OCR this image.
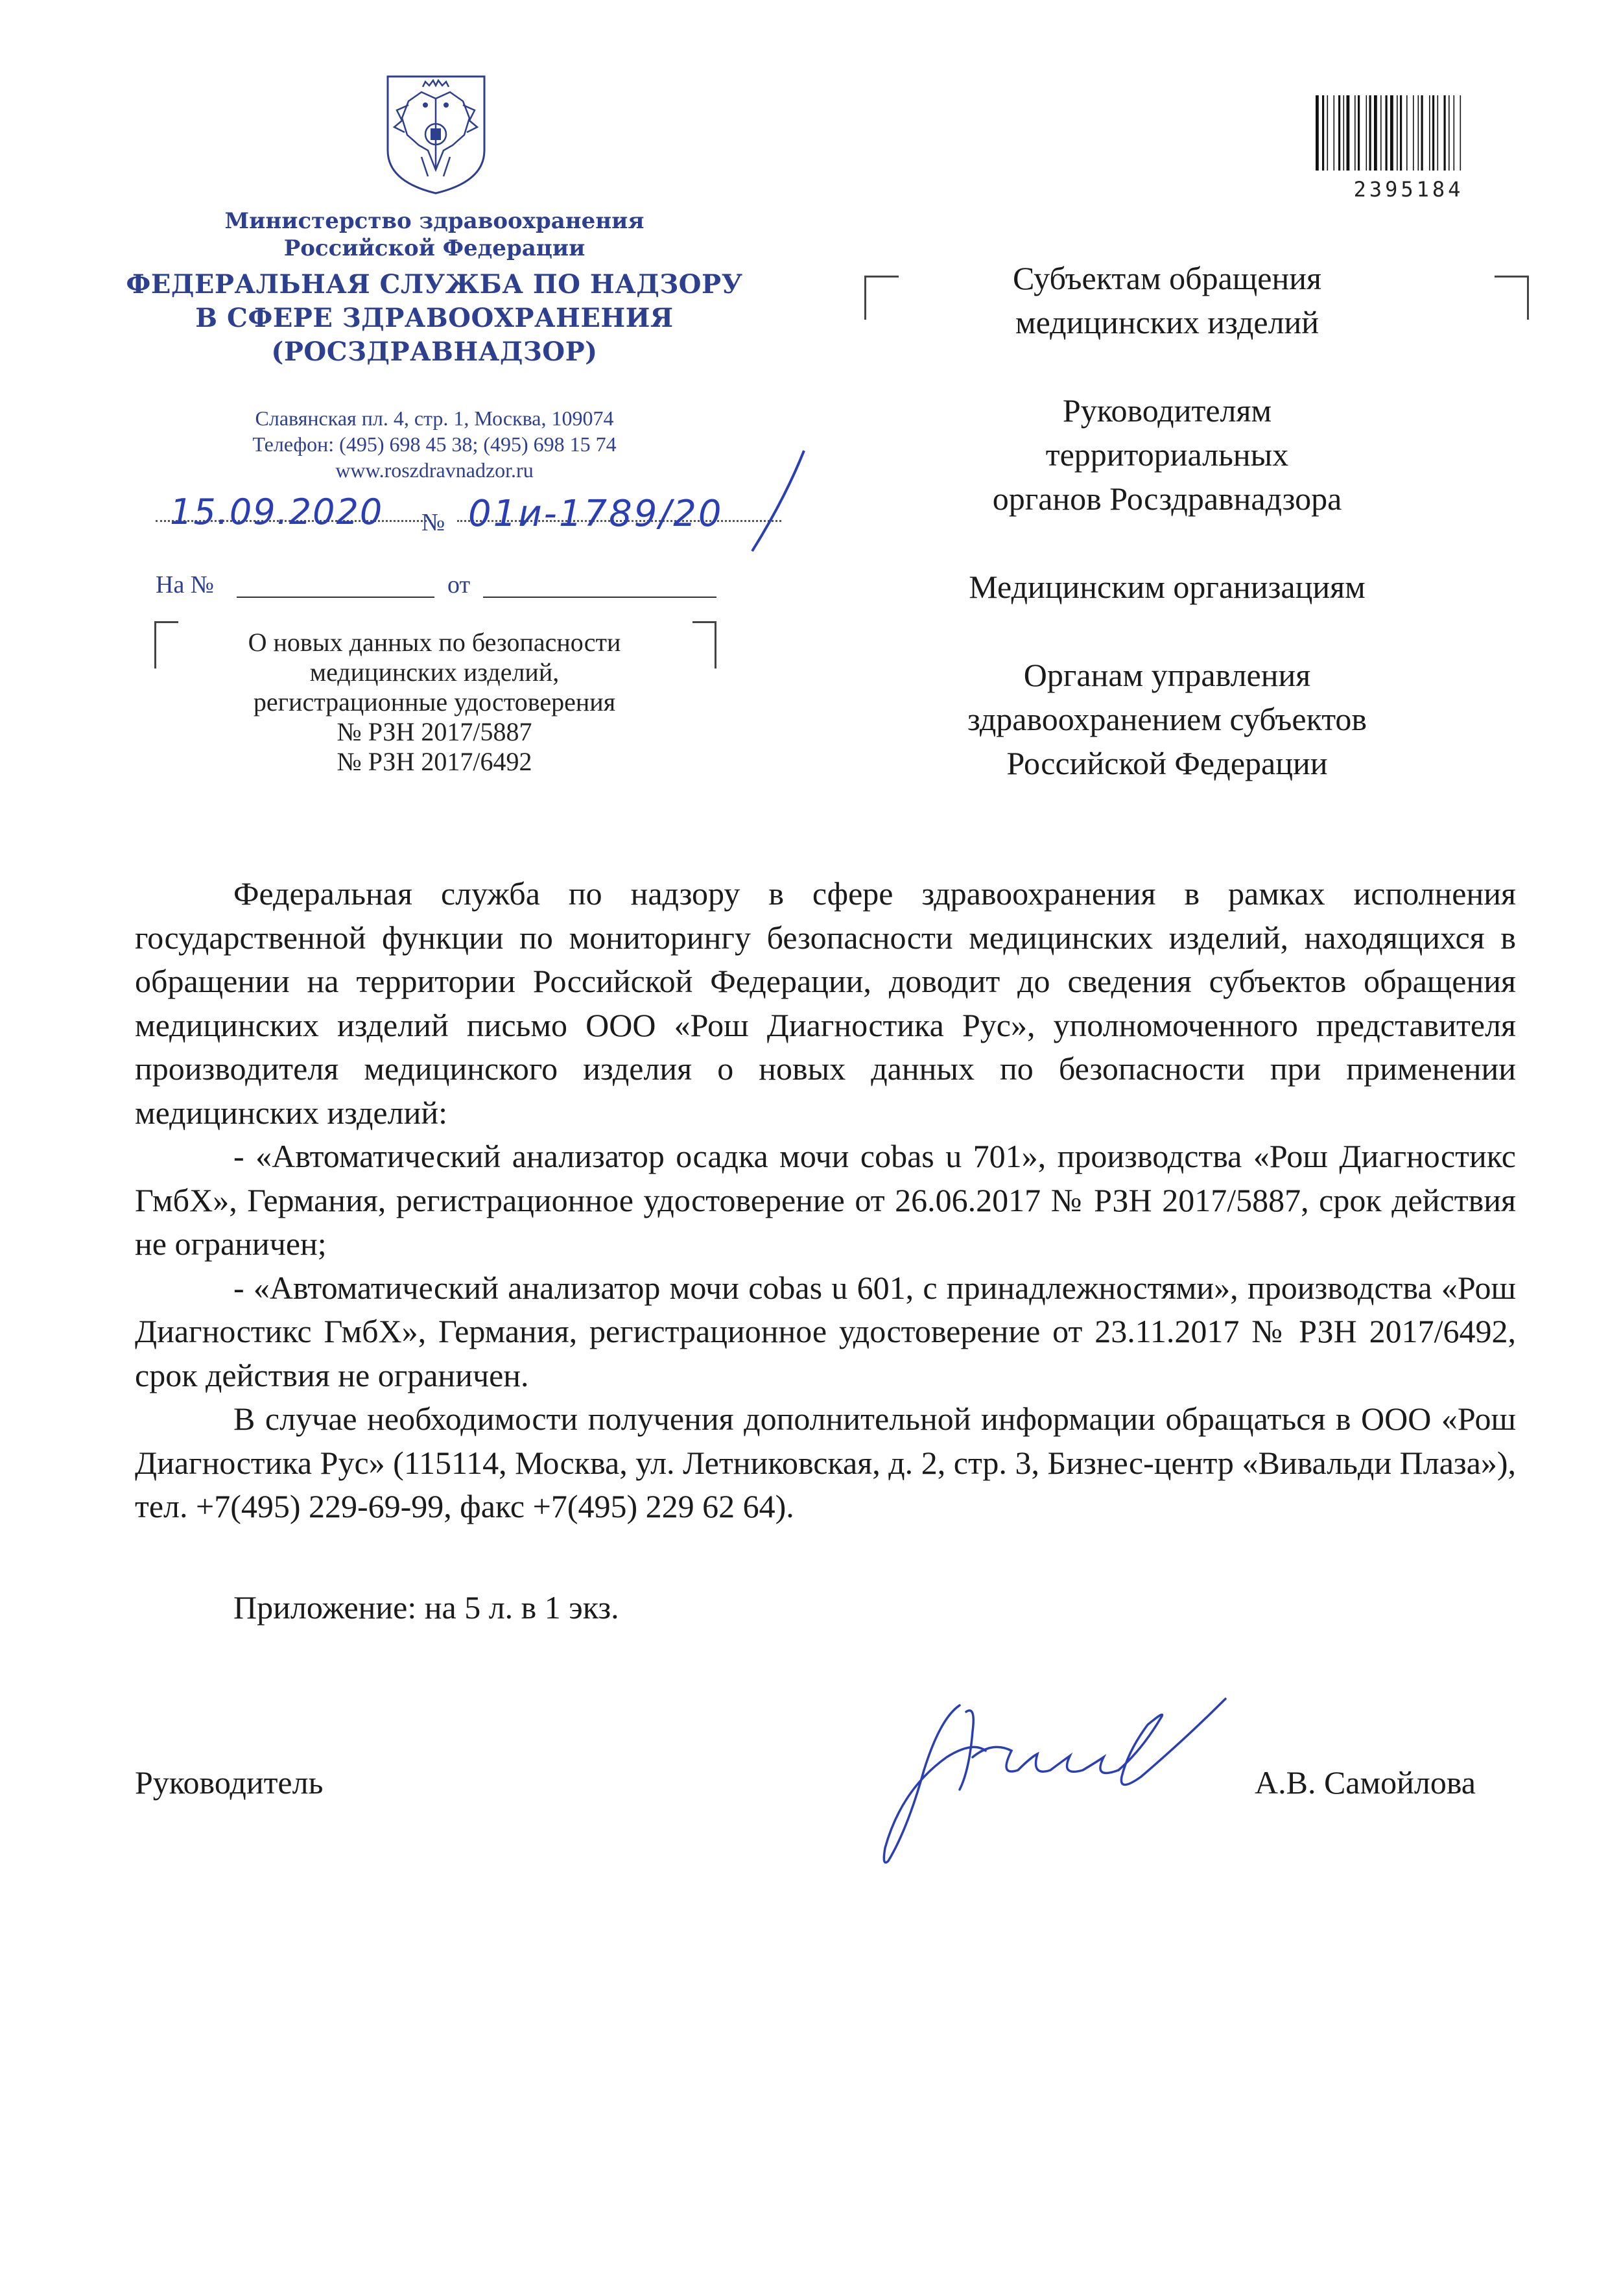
Министерство здравоохранения
Российской Федерации
ФЕДЕРАЛЬНАЯ СЛУЖБА ПО НАДЗОРУ
В СФЕРЕ ЗДРАВООХРАНЕНИЯ
(РОСЗДРАВНАДЗОР)
Славянская пл. 4, стр. 1, Москва, 109074
Телефон: (495) 698 45 38; (495) 698 15 74
www.roszdravnadzor.ru
15.09.2020 № 01и-1789/20
На №	от
О новых данных по безопасности
медицинских изделий,
регистрационные удостоверения
№ РЗН 2017/5887
№ РЗН 2017/6492
2395184
Субъектам обращения
медицинских изделий
Руководителям
территориальных
органов Росздравнадзора
Медицинским организациям
Органам управления
здравоохранением субъектов
Российской Федерации

Федеральная служба по надзору в сфере здравоохранения в рамках исполнения государственной функции по мониторингу безопасности медицинских изделий, находящихся в обращении на территории Российской Федерации, доводит до сведения субъектов обращения медицинских изделий письмо ООО «Рош Диагностика Рус», уполномоченного представителя производителя медицинского изделия о новых данных по безопасности при применении медицинских изделий:

- «Автоматический анализатор осадка мочи cobas u 701», производства «Рош Диагностикс ГмбХ», Германия, регистрационное удостоверение от 26.06.2017 № РЗН 2017/5887, срок действия не ограничен;

- «Автоматический анализатор мочи cobas u 601, с принадлежностями», производства «Рош Диагностикс ГмбХ», Германия, регистрационное удостоверение от 23.11.2017 № РЗН 2017/6492, срок действия не ограничен.

В случае необходимости получения дополнительной информации обращаться в ООО «Рош Диагностика Рус» (115114, Москва, ул. Летниковская, д. 2, стр. 3, Бизнес-центр «Вивальди Плаза»), тел. +7(495) 229-69-99, факс +7(495) 229 62 64).

Приложение: на 5 л. в 1 экз.
Руководитель	А.В. Самойлова
